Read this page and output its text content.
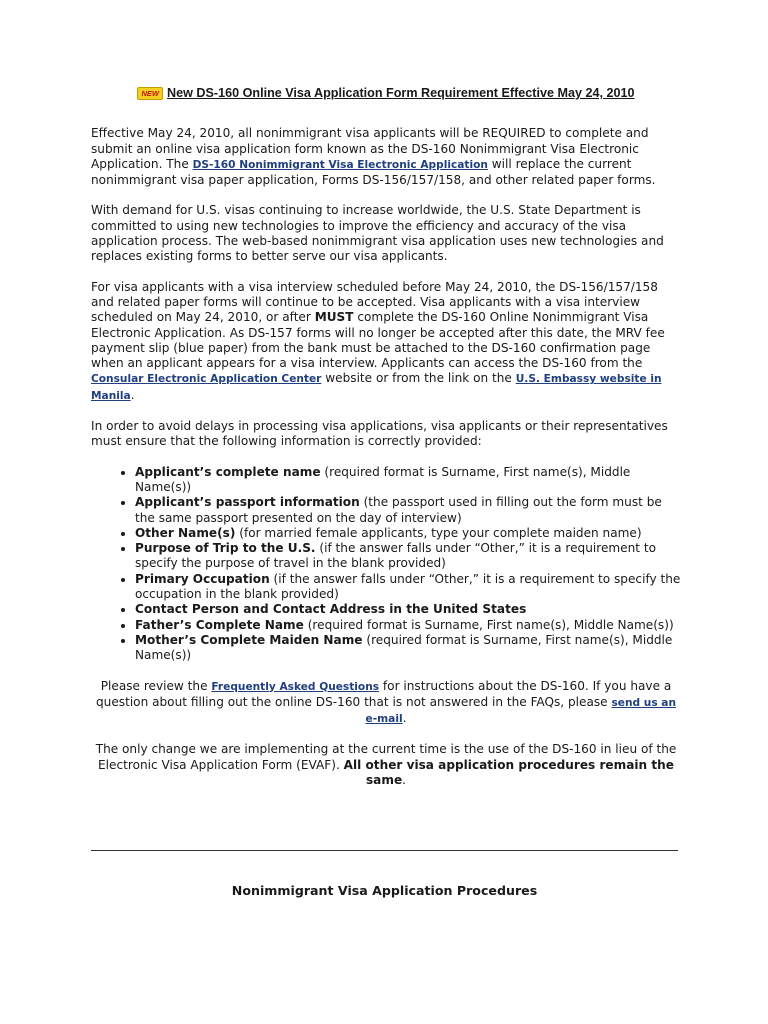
NEW New DS-160 Online Visa Application Form Requirement Effective May 24, 2010

Effective May 24, 2010, all nonimmigrant visa applicants will be REQUIRED to complete and submit an online visa application form known as the DS-160 Nonimmigrant Visa Electronic Application. The DS-160 Nonimmigrant Visa Electronic Application will replace the current nonimmigrant visa paper application, Forms DS-156/157/158, and other related paper forms.

With demand for U.S. visas continuing to increase worldwide, the U.S. State Department is committed to using new technologies to improve the efficiency and accuracy of the visa application process. The web-based nonimmigrant visa application uses new technologies and replaces existing forms to better serve our visa applicants.

For visa applicants with a visa interview scheduled before May 24, 2010, the DS-156/157/158 and related paper forms will continue to be accepted. Visa applicants with a visa interview scheduled on May 24, 2010, or after MUST complete the DS-160 Online Nonimmigrant Visa Electronic Application. As DS-157 forms will no longer be accepted after this date, the MRV fee payment slip (blue paper) from the bank must be attached to the DS-160 confirmation page when an applicant appears for a visa interview. Applicants can access the DS-160 from the Consular Electronic Application Center website or from the link on the U.S. Embassy website in Manila.

In order to avoid delays in processing visa applications, visa applicants or their representatives must ensure that the following information is correctly provided:

• Applicant’s complete name (required format is Surname, First name(s), Middle Name(s))
• Applicant’s passport information (the passport used in filling out the form must be the same passport presented on the day of interview)
• Other Name(s) (for married female applicants, type your complete maiden name)
• Purpose of Trip to the U.S. (if the answer falls under “Other,” it is a requirement to specify the purpose of travel in the blank provided)
• Primary Occupation (if the answer falls under “Other,” it is a requirement to specify the occupation in the blank provided)
• Contact Person and Contact Address in the United States
• Father’s Complete Name (required format is Surname, First name(s), Middle Name(s))
• Mother’s Complete Maiden Name (required format is Surname, First name(s), Middle Name(s))

Please review the Frequently Asked Questions for instructions about the DS-160. If you have a question about filling out the online DS-160 that is not answered in the FAQs, please send us an e-mail.

The only change we are implementing at the current time is the use of the DS-160 in lieu of the Electronic Visa Application Form (EVAF). All other visa application procedures remain the same.

Nonimmigrant Visa Application Procedures
